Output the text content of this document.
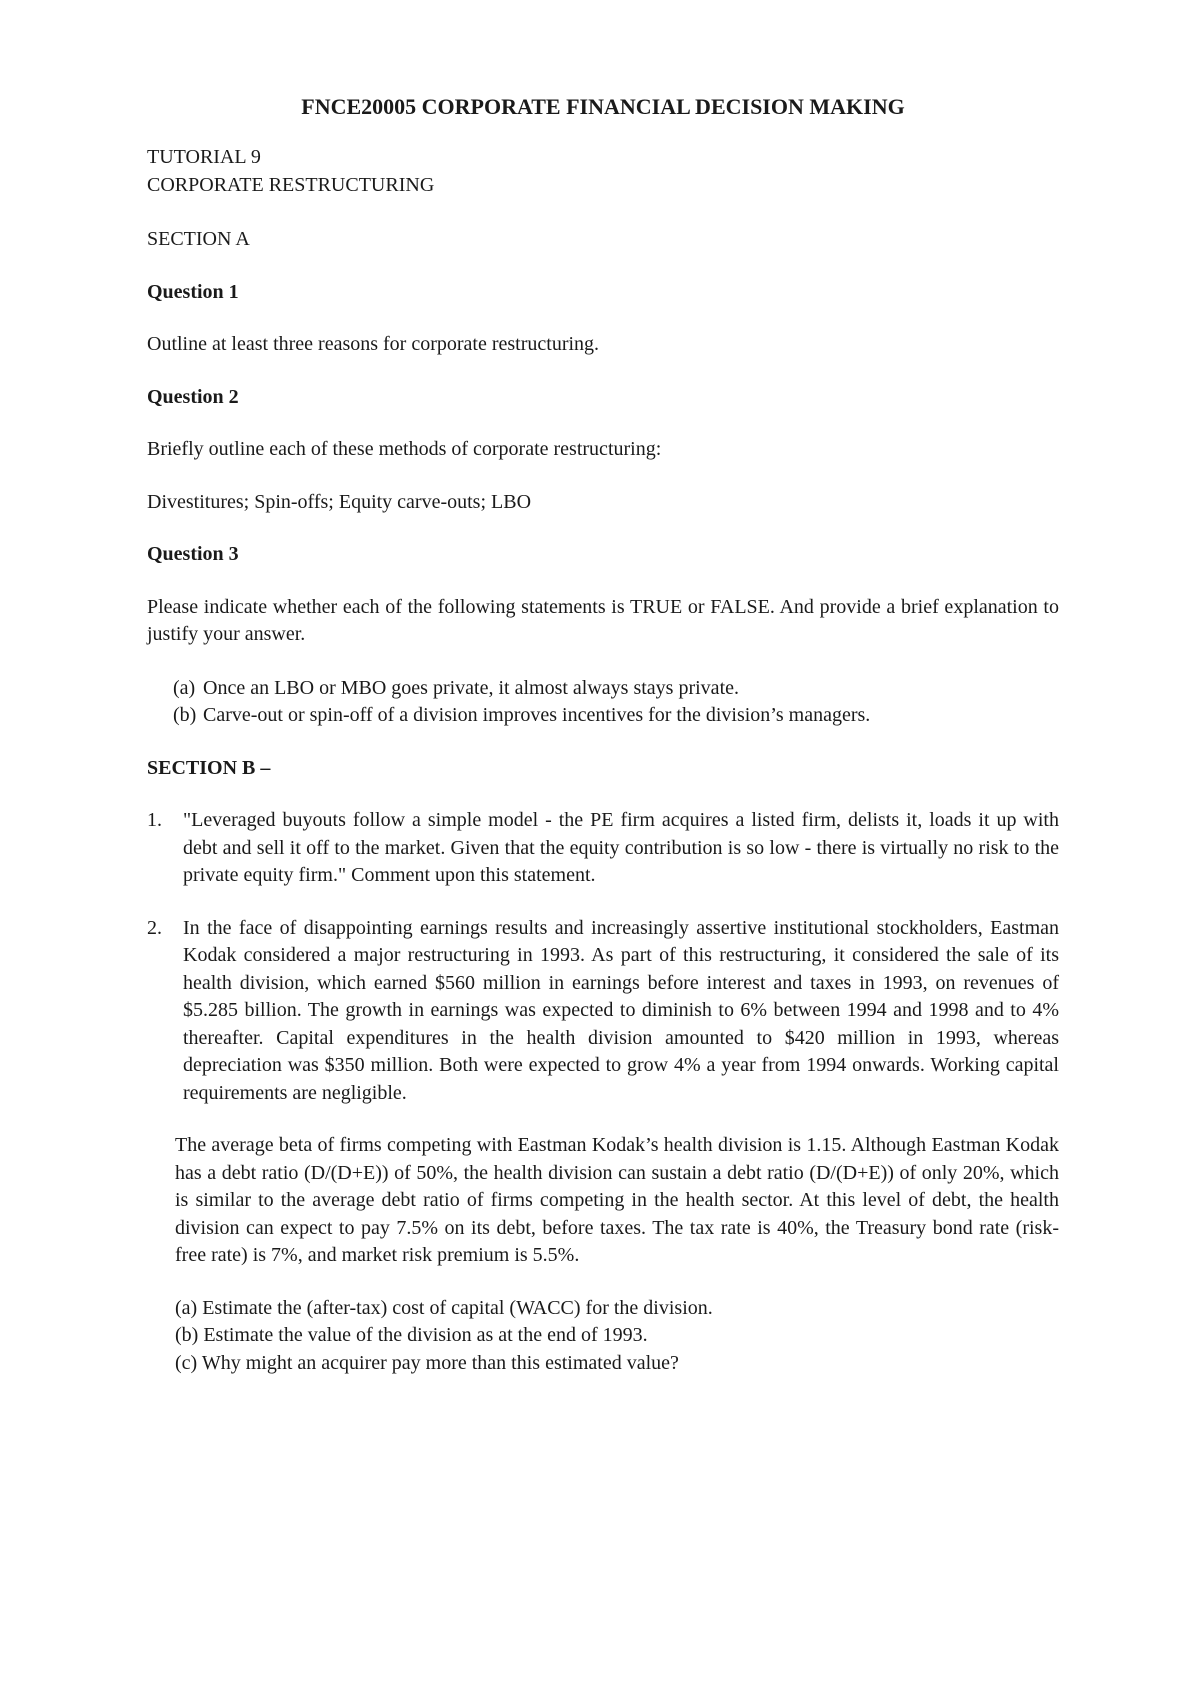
FNCE20005 CORPORATE FINANCIAL DECISION MAKING
TUTORIAL 9
CORPORATE RESTRUCTURING
SECTION A
Question 1
Outline at least three reasons for corporate restructuring.
Question 2
Briefly outline each of these methods of corporate restructuring:
Divestitures; Spin-offs; Equity carve-outs; LBO
Question 3
Please indicate whether each of the following statements is TRUE or FALSE. And provide a brief explanation to justify your answer.
(a) Once an LBO or MBO goes private, it almost always stays private.
(b) Carve-out or spin-off of a division improves incentives for the division’s managers.
SECTION B –
1.	"Leveraged buyouts follow a simple model - the PE firm acquires a listed firm, delists it, loads it up with debt and sell it off to the market. Given that the equity contribution is so low - there is virtually no risk to the private equity firm." Comment upon this statement.
2.	In the face of disappointing earnings results and increasingly assertive institutional stockholders, Eastman Kodak considered a major restructuring in 1993. As part of this restructuring, it considered the sale of its health division, which earned $560 million in earnings before interest and taxes in 1993, on revenues of $5.285 billion. The growth in earnings was expected to diminish to 6% between 1994 and 1998 and to 4% thereafter. Capital expenditures in the health division amounted to $420 million in 1993, whereas depreciation was $350 million. Both were expected to grow 4% a year from 1994 onwards. Working capital requirements are negligible.
The average beta of firms competing with Eastman Kodak’s health division is 1.15. Although Eastman Kodak has a debt ratio (D/(D+E)) of 50%, the health division can sustain a debt ratio (D/(D+E)) of only 20%, which is similar to the average debt ratio of firms competing in the health sector. At this level of debt, the health division can expect to pay 7.5% on its debt, before taxes. The tax rate is 40%, the Treasury bond rate (risk-free rate) is 7%, and market risk premium is 5.5%.
(a) Estimate the (after-tax) cost of capital (WACC) for the division.
(b) Estimate the value of the division as at the end of 1993.
(c) Why might an acquirer pay more than this estimated value?
